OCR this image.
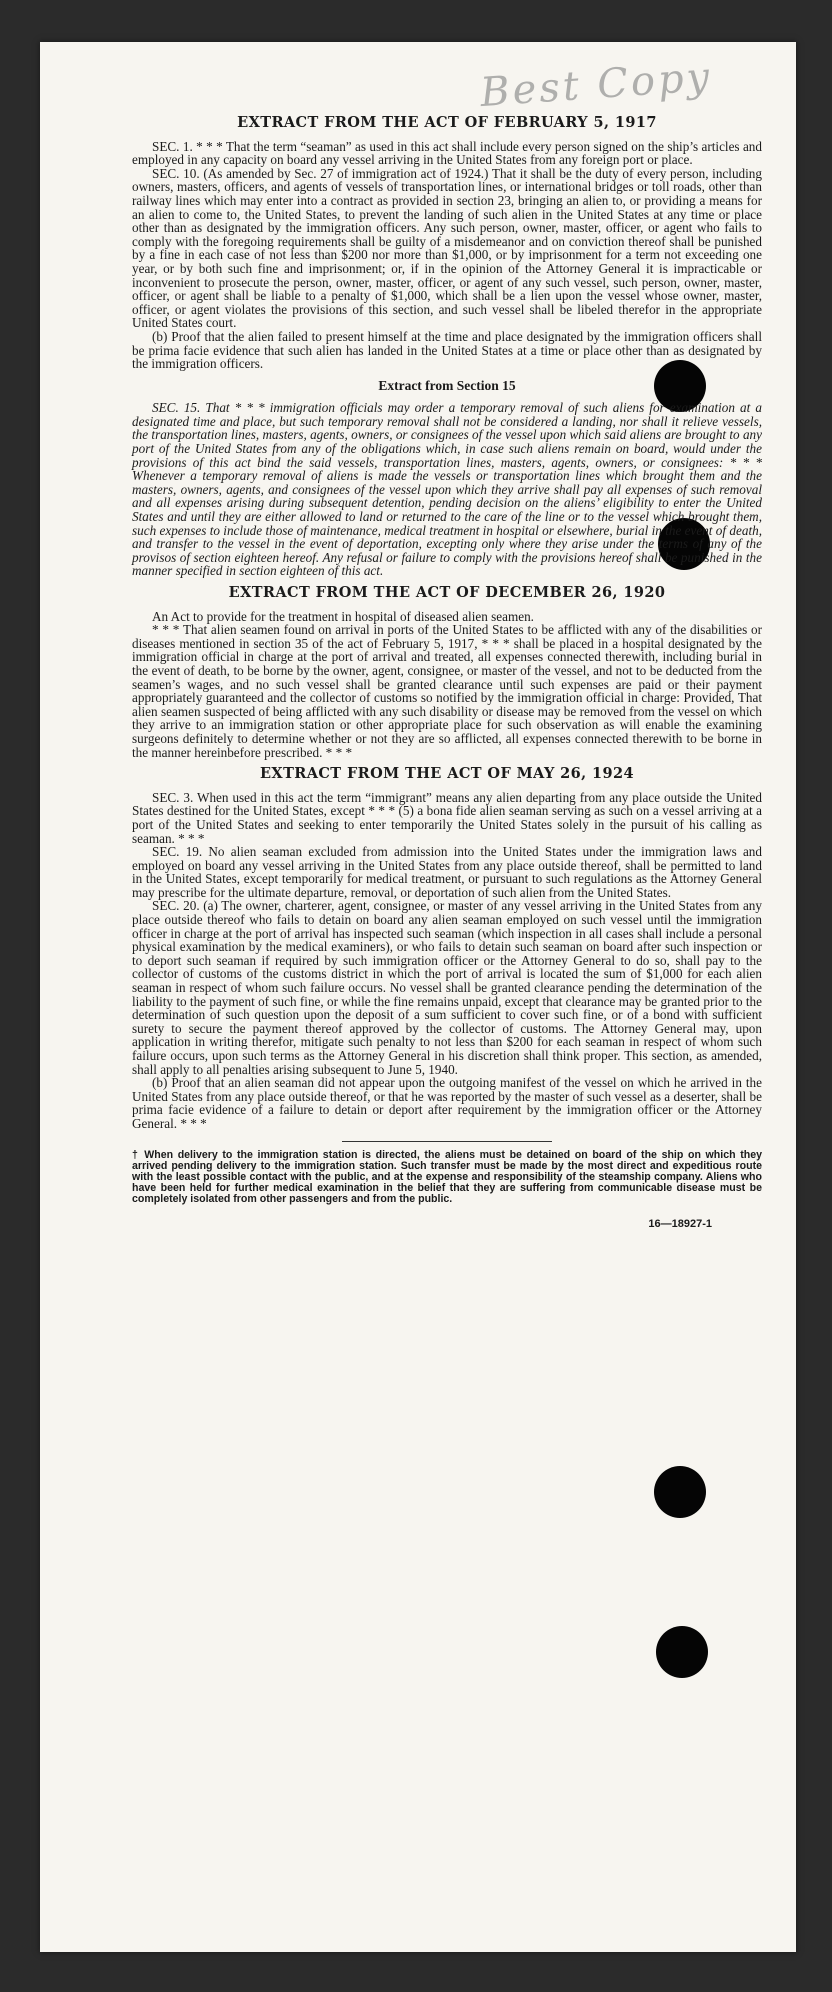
Best Copy
EXTRACT FROM THE ACT OF FEBRUARY 5, 1917

SEC. 1. * * * That the term “seaman” as used in this act shall include every person signed on the ship’s articles and employed in any capacity on board any vessel arriving in the United States from any foreign port or place.

SEC. 10. (As amended by Sec. 27 of immigration act of 1924.) That it shall be the duty of every person, including owners, masters, officers, and agents of vessels of transportation lines, or international bridges or toll roads, other than railway lines which may enter into a contract as provided in section 23, bringing an alien to, or providing a means for an alien to come to, the United States, to prevent the landing of such alien in the United States at any time or place other than as designated by the immigration officers. Any such person, owner, master, officer, or agent who fails to comply with the foregoing requirements shall be guilty of a misdemeanor and on conviction thereof shall be punished by a fine in each case of not less than $200 nor more than $1,000, or by imprisonment for a term not exceeding one year, or by both such fine and imprisonment; or, if in the opinion of the Attorney General it is impracticable or inconvenient to prosecute the person, owner, master, officer, or agent of any such vessel, such person, owner, master, officer, or agent shall be liable to a penalty of $1,000, which shall be a lien upon the vessel whose owner, master, officer, or agent violates the provisions of this section, and such vessel shall be libeled therefor in the appropriate United States court.

(b) Proof that the alien failed to present himself at the time and place designated by the immigration officers shall be prima facie evidence that such alien has landed in the United States at a time or place other than as designated by the immigration officers.

Extract from Section 15

SEC. 15. That * * * immigration officials may order a temporary removal of such aliens for examination at a designated time and place, but such temporary removal shall not be considered a landing, nor shall it relieve vessels, the transportation lines, masters, agents, owners, or consignees of the vessel upon which said aliens are brought to any port of the United States from any of the obligations which, in case such aliens remain on board, would under the provisions of this act bind the said vessels, transportation lines, masters, agents, owners, or consignees: * * * Whenever a temporary removal of aliens is made the vessels or transportation lines which brought them and the masters, owners, agents, and consignees of the vessel upon which they arrive shall pay all expenses of such removal and all expenses arising during subsequent detention, pending decision on the aliens’ eligibility to enter the United States and until they are either allowed to land or returned to the care of the line or to the vessel which brought them, such expenses to include those of maintenance, medical treatment in hospital or elsewhere, burial in the event of death, and transfer to the vessel in the event of deportation, excepting only where they arise under the terms of any of the provisos of section eighteen hereof. Any refusal or failure to comply with the provisions hereof shall be punished in the manner specified in section eighteen of this act.

EXTRACT FROM THE ACT OF DECEMBER 26, 1920

An Act to provide for the treatment in hospital of diseased alien seamen.

* * * That alien seamen found on arrival in ports of the United States to be afflicted with any of the disabilities or diseases mentioned in section 35 of the act of February 5, 1917, * * * shall be placed in a hospital designated by the immigration official in charge at the port of arrival and treated, all expenses connected therewith, including burial in the event of death, to be borne by the owner, agent, consignee, or master of the vessel, and not to be deducted from the seamen’s wages, and no such vessel shall be granted clearance until such expenses are paid or their payment appropriately guaranteed and the collector of customs so notified by the immigration official in charge: Provided, That alien seamen suspected of being afflicted with any such disability or disease may be removed from the vessel on which they arrive to an immigration station or other appropriate place for such observation as will enable the examining surgeons definitely to determine whether or not they are so afflicted, all expenses connected therewith to be borne in the manner hereinbefore prescribed. * * *

EXTRACT FROM THE ACT OF MAY 26, 1924

SEC. 3. When used in this act the term “immigrant” means any alien departing from any place outside the United States destined for the United States, except * * * (5) a bona fide alien seaman serving as such on a vessel arriving at a port of the United States and seeking to enter temporarily the United States solely in the pursuit of his calling as seaman. * * *

SEC. 19. No alien seaman excluded from admission into the United States under the immigration laws and employed on board any vessel arriving in the United States from any place outside thereof, shall be permitted to land in the United States, except temporarily for medical treatment, or pursuant to such regulations as the Attorney General may prescribe for the ultimate departure, removal, or deportation of such alien from the United States.

SEC. 20. (a) The owner, charterer, agent, consignee, or master of any vessel arriving in the United States from any place outside thereof who fails to detain on board any alien seaman employed on such vessel until the immigration officer in charge at the port of arrival has inspected such seaman (which inspection in all cases shall include a personal physical examination by the medical examiners), or who fails to detain such seaman on board after such inspection or to deport such seaman if required by such immigration officer or the Attorney General to do so, shall pay to the collector of customs of the customs district in which the port of arrival is located the sum of $1,000 for each alien seaman in respect of whom such failure occurs. No vessel shall be granted clearance pending the determination of the liability to the payment of such fine, or while the fine remains unpaid, except that clearance may be granted prior to the determination of such question upon the deposit of a sum sufficient to cover such fine, or of a bond with sufficient surety to secure the payment thereof approved by the collector of customs. The Attorney General may, upon application in writing therefor, mitigate such penalty to not less than $200 for each seaman in respect of whom such failure occurs, upon such terms as the Attorney General in his discretion shall think proper. This section, as amended, shall apply to all penalties arising subsequent to June 5, 1940.

(b) Proof that an alien seaman did not appear upon the outgoing manifest of the vessel on which he arrived in the United States from any place outside thereof, or that he was reported by the master of such vessel as a deserter, shall be prima facie evidence of a failure to detain or deport after requirement by the immigration officer or the Attorney General. * * *

† When delivery to the immigration station is directed, the aliens must be detained on board of the ship on which they arrived pending delivery to the immigration station. Such transfer must be made by the most direct and expeditious route with the least possible contact with the public, and at the expense and responsibility of the steamship company. Aliens who have been held for further medical examination in the belief that they are suffering from communicable disease must be completely isolated from other passengers and from the public.
16—18927-1
